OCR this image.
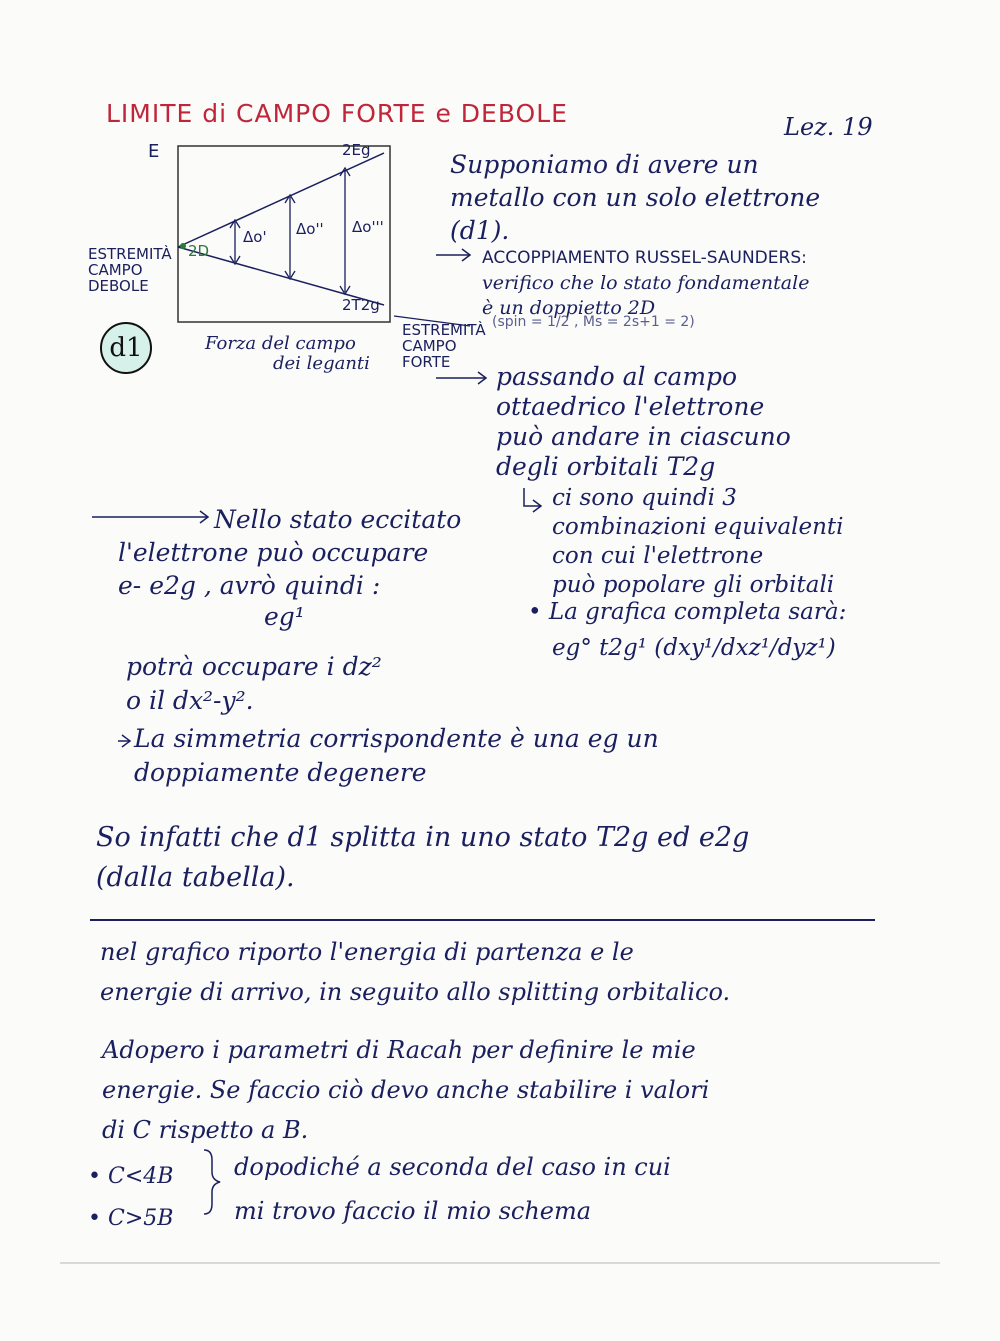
LIMITE di CAMPO FORTE e DEBOLE	Lez. 19
E	2Eg
2T2g
2D
Δo' Δo'' Δo'''
ESTREMITÀ
CAMPO
DEBOLE
ESTREMITÀ
CAMPO
FORTE
Forza del campo
dei leganti
d1
Supponiamo di avere un
metallo con un solo elettrone
(d1).
ACCOPPIAMENTO RUSSEL-SAUNDERS:
verifico che lo stato fondamentale
è un doppietto 2D
(spin = 1/2 , Ms = 2s+1 = 2)
passando al campo
ottaedrico l'elettrone
può andare in ciascuno
degli orbitali T2g
ci sono quindi 3
combinazioni equivalenti
con cui l'elettrone
può popolare gli orbitali
• La grafica completa sarà:
eg° t2g¹ (dxy¹/dxz¹/dyz¹)
Nello stato eccitato
l'elettrone può occupare
e- e2g , avrò quindi :
eg¹
potrà occupare i dz²
o il dx²-y².
La simmetria corrispondente è una eg un
doppiamente degenere
So infatti che d1 splitta in uno stato T2g ed e2g
(dalla tabella).
nel grafico riporto l'energia di partenza e le
energie di arrivo, in seguito allo splitting orbitalico.
Adopero i parametri di Racah per definire le mie
energie. Se faccio ciò devo anche stabilire i valori
di C rispetto a B.
• C<4B
• C>5B
dopodiché a seconda del caso in cui
mi trovo faccio il mio schema
